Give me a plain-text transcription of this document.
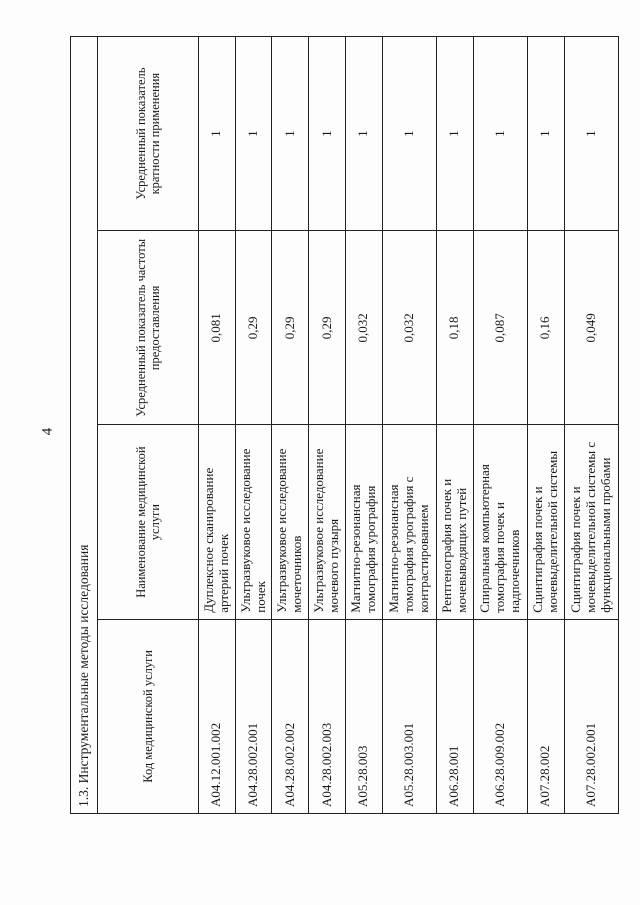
4
1.3. Инструментальные методы исследования			
Код медицинской услуги	Наименование медицинской услуги	Усредненный показатель частоты предоставления	Усредненный показатель кратности применения
A04.12.001.002	Дуплексное сканирование артерий почек	0,081	1
A04.28.002.001	Ультразвуковое исследование почек	0,29	1
A04.28.002.002	Ультразвуковое исследование мочеточников	0,29	1
A04.28.002.003	Ультразвуковое исследование мочевого пузыря	0,29	1
A05.28.003	Магнитно-резонансная томография урография	0,032	1
A05.28.003.001	Магнитно-резонансная томография урография с контрастированием	0,032	1
A06.28.001	Рентгенография почек и мочевыводящих путей	0,18	1
A06.28.009.002	Спиральная компьютерная томография почек и надпочечников	0,087	1
A07.28.002	Сцинтиграфия почек и мочевыделительной системы	0,16	1
A07.28.002.001	Сцинтиграфия почек и мочевыделительной системы с функциональными пробами	0,049	1
